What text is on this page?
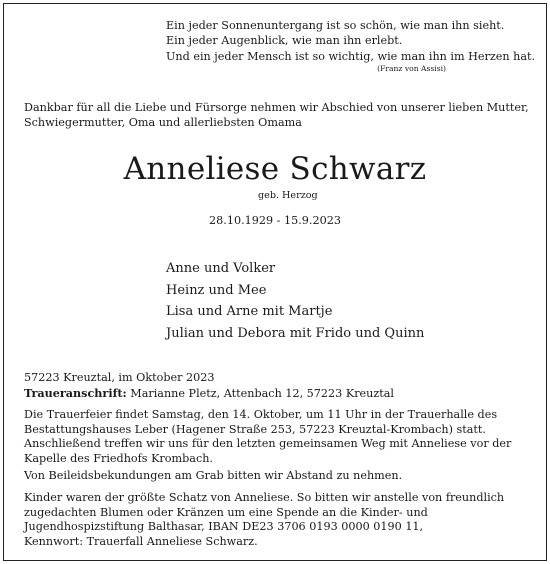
Ein jeder Sonnenuntergang ist so schön, wie man ihn sieht.
Ein jeder Augenblick, wie man ihn erlebt.
Und ein jeder Mensch ist so wichtig, wie man ihn im Herzen hat.
(Franz von Assisi)
Dankbar für all die Liebe und Fürsorge nehmen wir Abschied von unserer lieben Mutter,
Schwiegermutter, Oma und allerliebsten Omama
Anneliese Schwarz
geb. Herzog
28.10.1929 - 15.9.2023
Anne und Volker
Heinz und Mee
Lisa und Arne mit Martje
Julian und Debora mit Frido und Quinn
57223 Kreuztal, im Oktober 2023
Traueranschrift: Marianne Pletz, Attenbach 12, 57223 Kreuztal
Die Trauerfeier findet Samstag, den 14. Oktober, um 11 Uhr in der Trauerhalle des
Bestattungshauses Leber (Hagener Straße 253, 57223 Kreuztal-Krombach) statt.
Anschließend treffen wir uns für den letzten gemeinsamen Weg mit Anneliese vor der
Kapelle des Friedhofs Krombach.
Von Beileidsbekundungen am Grab bitten wir Abstand zu nehmen.
Kinder waren der größte Schatz von Anneliese. So bitten wir anstelle von freundlich
zugedachten Blumen oder Kränzen um eine Spende an die Kinder- und
Jugendhospizstiftung Balthasar, IBAN DE23 3706 0193 0000 0190 11,
Kennwort: Trauerfall Anneliese Schwarz.
